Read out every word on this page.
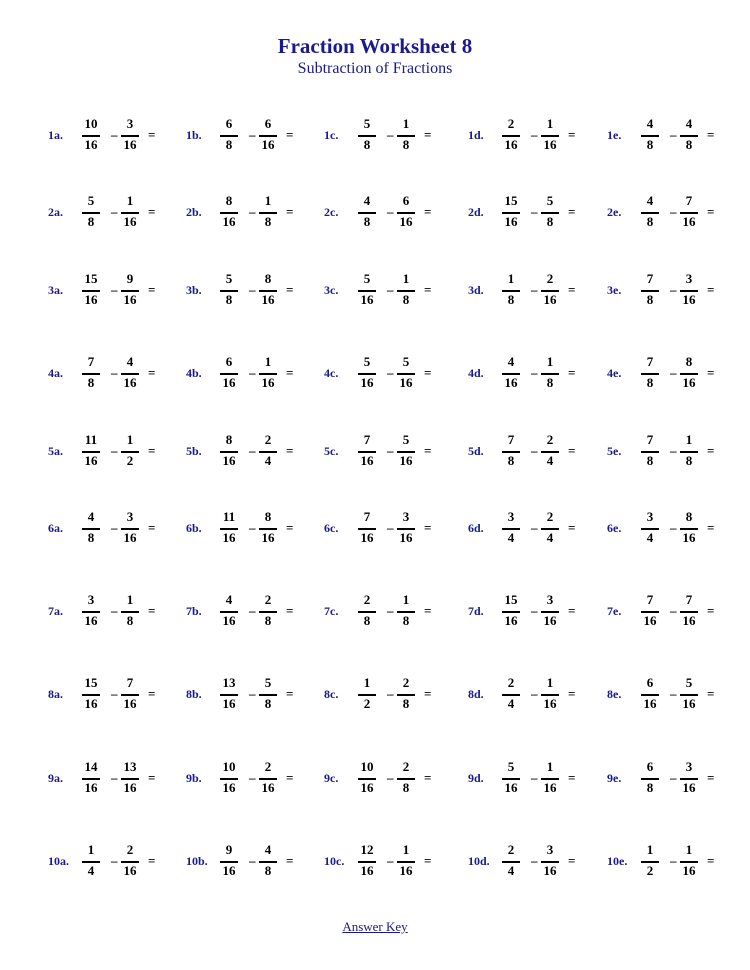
Fraction Worksheet 8
Subtraction of Fractions
1a.
10
16
–
3
16
=	1b.
6
8
–
6
16
=	1c.
5
8
–
1
8
=	1d.
2
16
–
1
16
=	1e.
4
8
–
4
8
=
2a.
5
8
–
1
16
=	2b.
8
16
–
1
8
=	2c.
4
8
–
6
16
=	2d.
15
16
–
5
8
=	2e.
4
8
–
7
16
=
3a.
15
16
–
9
16
=	3b.
5
8
–
8
16
=	3c.
5
16
–
1
8
=	3d.
1
8
–
2
16
=	3e.
7
8
–
3
16
=
4a.
7
8
–
4
16
=	4b.
6
16
–
1
16
=	4c.
5
16
–
5
16
=	4d.
4
16
–
1
8
=	4e.
7
8
–
8
16
=
5a.
11
16
–
1
2
=	5b.
8
16
–
2
4
=	5c.
7
16
–
5
16
=	5d.
7
8
–
2
4
=	5e.
7
8
–
1
8
=
6a.
4
8
–
3
16
=	6b.
11
16
–
8
16
=	6c.
7
16
–
3
16
=	6d.
3
4
–
2
4
=	6e.
3
4
–
8
16
=
7a.
3
16
–
1
8
=	7b.
4
16
–
2
8
=	7c.
2
8
–
1
8
=	7d.
15
16
–
3
16
=	7e.
7
16
–
7
16
=
8a.
15
16
–
7
16
=	8b.
13
16
–
5
8
=	8c.
1
2
–
2
8
=	8d.
2
4
–
1
16
=	8e.
6
16
–
5
16
=
9a.
14
16
–
13
16
=	9b.
10
16
–
2
16
=	9c.
10
16
–
2
8
=	9d.
5
16
–
1
16
=	9e.
6
8
–
3
16
=
10a.
1
4
–
2
16
=	10b.
9
16
–
4
8
=	10c.
12
16
–
1
16
=	10d.
2
4
–
3
16
=	10e.
1
2
–
1
16
=
Answer Key
